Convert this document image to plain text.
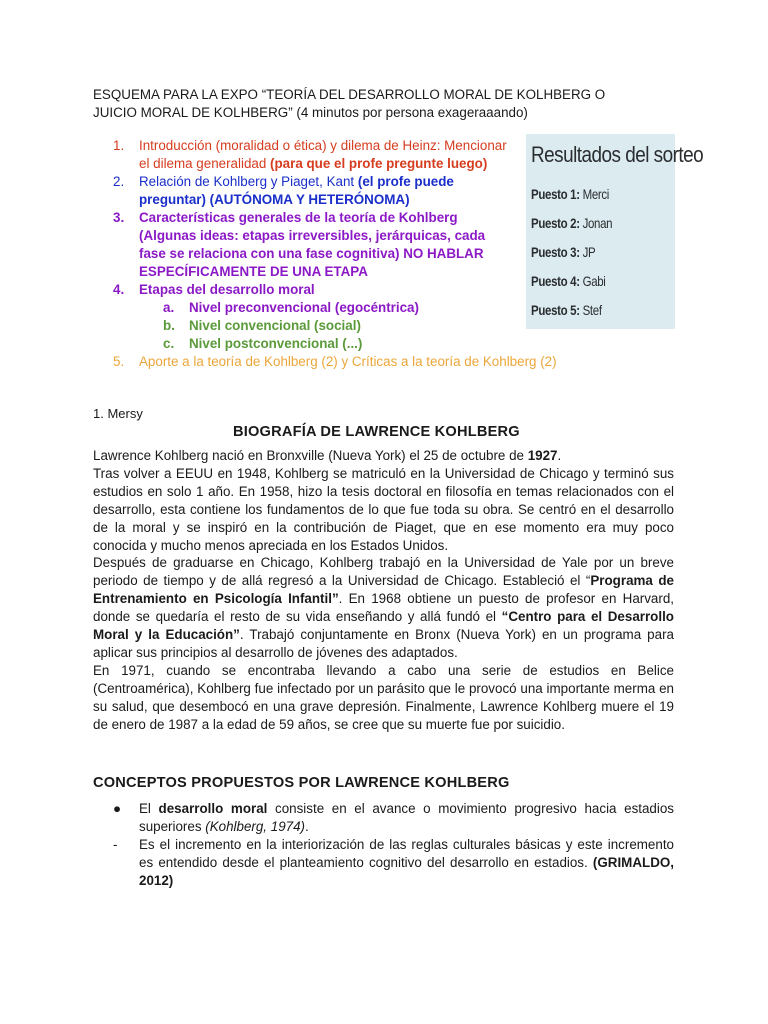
ESQUEMA PARA LA EXPO “TEORÍA DEL DESARROLLO MORAL DE KOLHBERG O
JUICIO MORAL DE KOLHBERG” (4 minutos por persona exageraaando)
1. Introducción (moralidad o ética) y dilema de Heinz: Mencionar el dilema generalidad (para que el profe pregunte luego)
2. Relación de Kohlberg y Piaget, Kant (el profe puede preguntar) (AUTÓNOMA Y HETERÓNOMA)
3. Características generales de la teoría de Kohlberg (Algunas ideas: etapas irreversibles, jerárquicas, cada fase se relaciona con una fase cognitiva) NO HABLAR ESPECÍFICAMENTE DE UNA ETAPA
4. Etapas del desarrollo moral
a. Nivel preconvencional (egocéntrica)
b. Nivel convencional (social)
c. Nivel postconvencional (...)
5. Aporte a la teoría de Kohlberg (2) y Críticas a la teoría de Kohlberg (2)
Resultados del sorteo
Puesto 1: Merci
Puesto 2: Jonan
Puesto 3: JP
Puesto 4: Gabi
Puesto 5: Stef
1. Mersy
BIOGRAFÍA DE LAWRENCE KOHLBERG

Lawrence Kohlberg nació en Bronxville (Nueva York) el 25 de octubre de 1927.

Tras volver a EEUU en 1948, Kohlberg se matriculó en la Universidad de Chicago y terminó sus estudios en solo 1 año. En 1958, hizo la tesis doctoral en filosofía en temas relacionados con el desarrollo, esta contiene los fundamentos de lo que fue toda su obra. Se centró en el desarrollo de la moral y se inspiró en la contribución de Piaget, que en ese momento era muy poco conocida y mucho menos apreciada en los Estados Unidos.

Después de graduarse en Chicago, Kohlberg trabajó en la Universidad de Yale por un breve periodo de tiempo y de allá regresó a la Universidad de Chicago. Estableció el “Programa de Entrenamiento en Psicología Infantil”. En 1968 obtiene un puesto de profesor en Harvard, donde se quedaría el resto de su vida enseñando y allá fundó el “Centro para el Desarrollo Moral y la Educación”. Trabajó conjuntamente en Bronx (Nueva York) en un programa para aplicar sus principios al desarrollo de jóvenes des adaptados.

En 1971, cuando se encontraba llevando a cabo una serie de estudios en Belice (Centroamérica), Kohlberg fue infectado por un parásito que le provocó una importante merma en su salud, que desembocó en una grave depresión. Finalmente, Lawrence Kohlberg muere el 19 de enero de 1987 a la edad de 59 años, se cree que su muerte fue por suicidio.

CONCEPTOS PROPUESTOS POR LAWRENCE KOHLBERG
● El desarrollo moral consiste en el avance o movimiento progresivo hacia estadios superiores (Kohlberg, 1974).
- Es el incremento en la interiorización de las reglas culturales básicas y este incremento es entendido desde el planteamiento cognitivo del desarrollo en estadios. (GRIMALDO, 2012)
